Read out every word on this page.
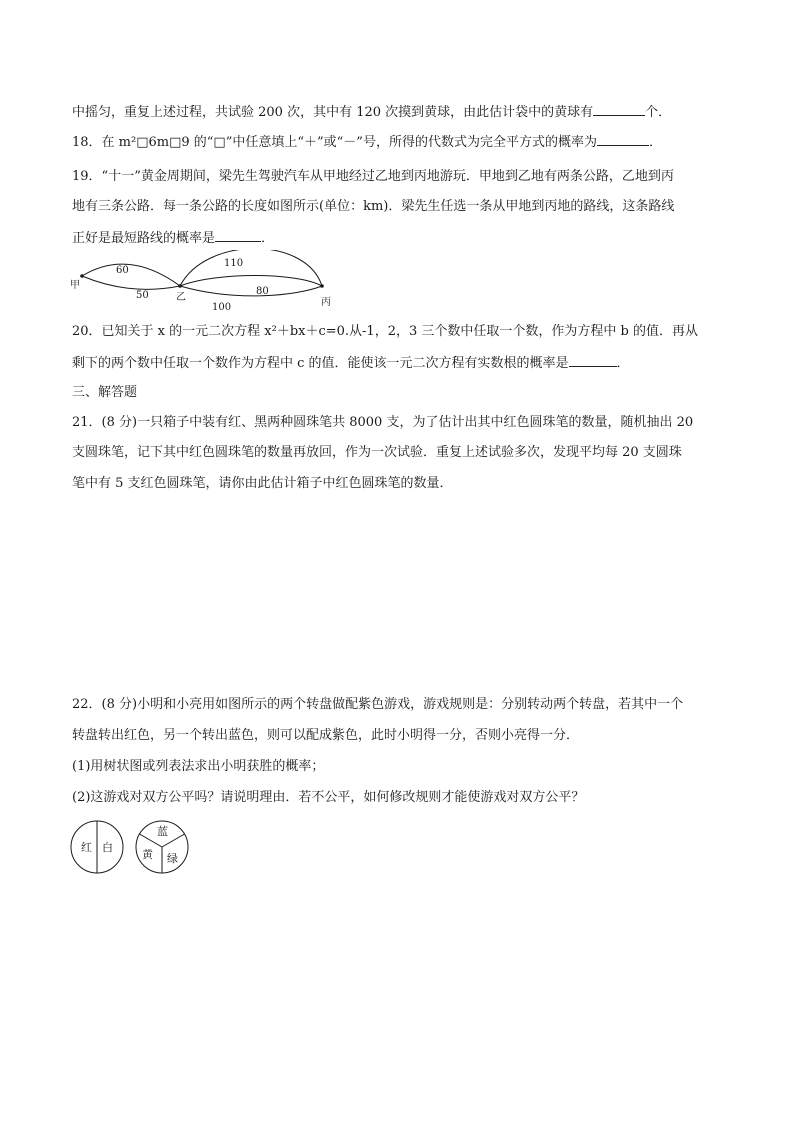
中摇匀，重复上述过程，共试验 200 次，其中有 120 次摸到黄球，由此估计袋中的黄球有	个．
18．在 m²□6m□9 的“□”中任意填上“＋”或“－”号，所得的代数式为完全平方式的概率为	．
19．“十一”黄金周期间，梁先生驾驶汽车从甲地经过乙地到丙地游玩．甲地到乙地有两条公路，乙地到丙
地有三条公路．每一条公路的长度如图所示(单位：km)．梁先生任选一条从甲地到丙地的路线，这条路线
正好是最短路线的概率是	．
甲
乙	丙
60
50
110
80
100
20．已知关于 x 的一元二次方程 x²＋bx＋c=0.从-1，2，3 三个数中任取一个数，作为方程中 b 的值．再从
剩下的两个数中任取一个数作为方程中 c 的值．能使该一元二次方程有实数根的概率是	．
三、解答题
21．(8 分)一只箱子中装有红、黑两种圆珠笔共 8000 支，为了估计出其中红色圆珠笔的数量，随机抽出 20
支圆珠笔，记下其中红色圆珠笔的数量再放回，作为一次试验．重复上述试验多次，发现平均每 20 支圆珠
笔中有 5 支红色圆珠笔，请你由此估计箱子中红色圆珠笔的数量．
22．(8 分)小明和小亮用如图所示的两个转盘做配紫色游戏，游戏规则是：分别转动两个转盘，若其中一个
转盘转出红色，另一个转出蓝色，则可以配成紫色，此时小明得一分，否则小亮得一分．
(1)用树状图或列表法求出小明获胜的概率；
(2)这游戏对双方公平吗？请说明理由．若不公平，如何修改规则才能使游戏对双方公平？
红 白
蓝
黄 绿
